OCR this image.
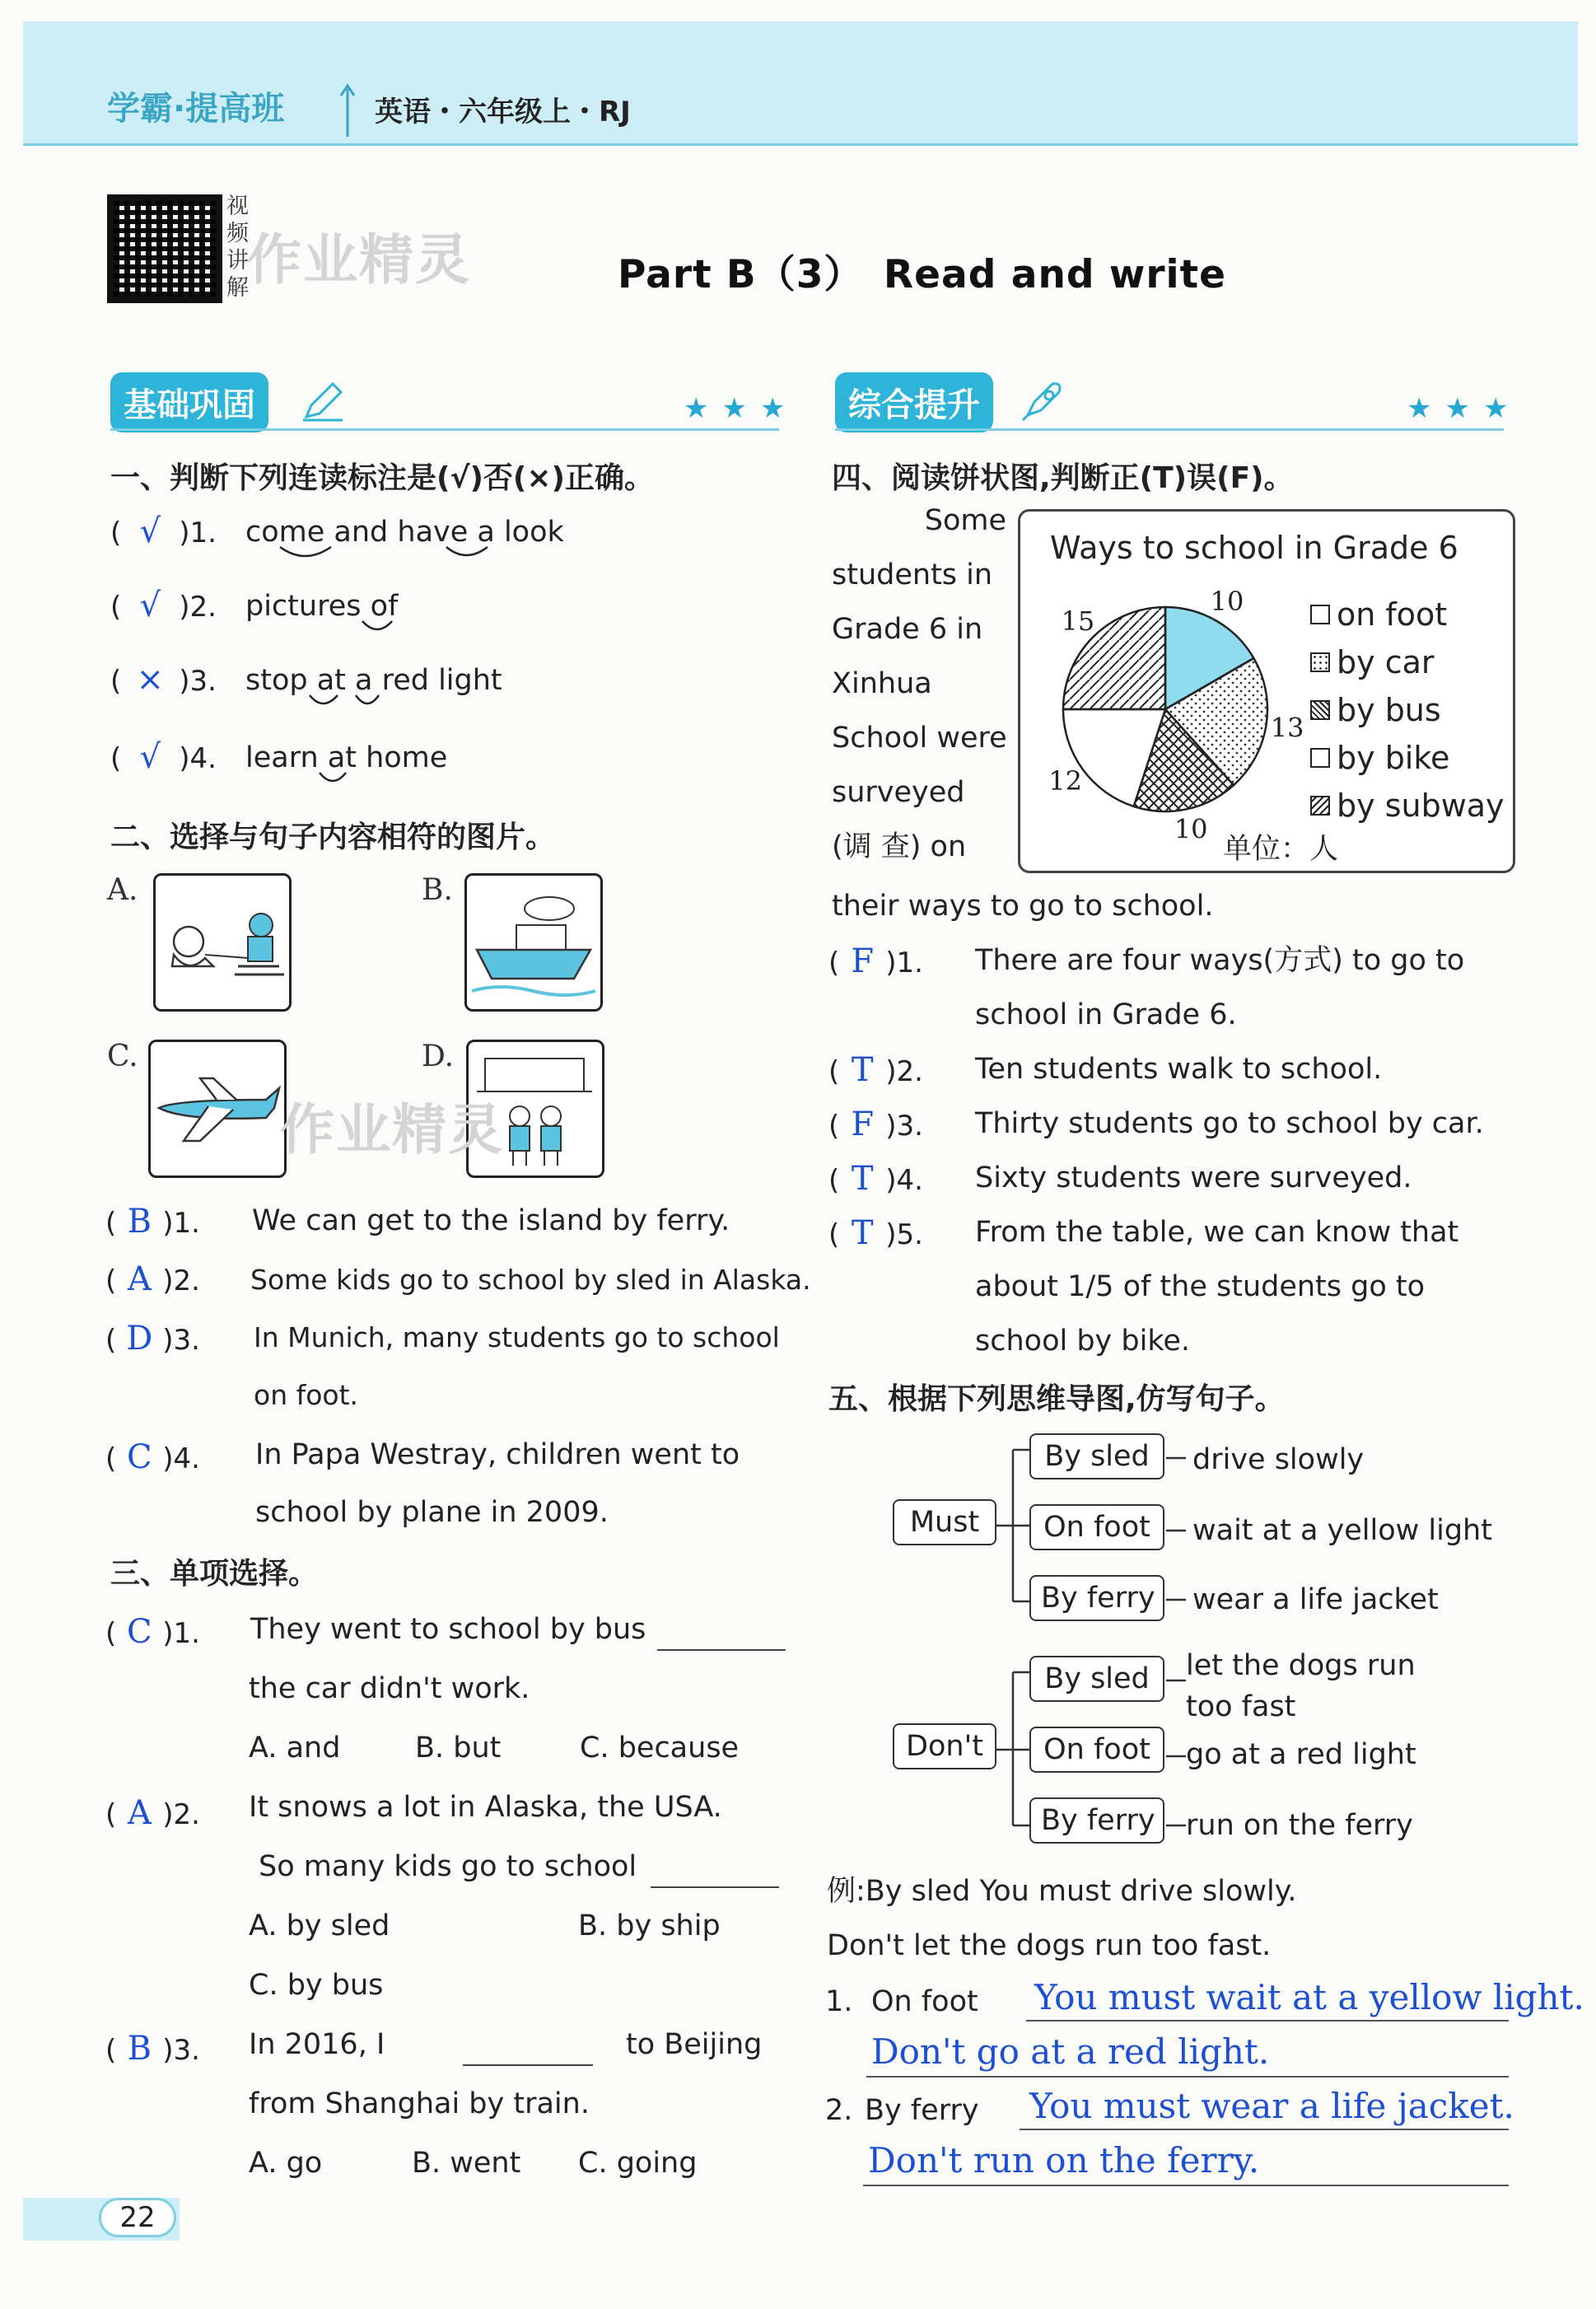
学霸·提高班	英语・六年级上・RJ
视频讲解
作业精灵	Part B（3）　Read and write
基础巩固	★★★
一、判断下列连读标注是(√)否(×)正确。
( √ )1. come and have a look
( √ )2. pictures of
( × )3. stop at a red light
( √ )4. learn at home
二、选择与句子内容相符的图片。
A.	B.
C.	D.
作业精灵
( B )1. We can get to the island by ferry.
( A )2. Some kids go to school by sled in Alaska.
( D )3. In Munich, many students go to school
on foot.
( C )4. In Papa Westray, children went to
school by plane in 2009.
三、单项选择。
( C )1. They went to school by bus
the car didn't work.
A. and	B. but	C. because
( A )2. It snows a lot in Alaska, the USA.
So many kids go to school
A. by sled	B. by ship
C. by bus
( B )3. In 2016, I	to Beijing
from Shanghai by train.
A. go	B. went C. going
综合提升	★★★
四、阅读饼状图,判断正(T)误(F)。
Some
students in
Grade 6 in
Xinhua
School were
surveyed
(调 查) on
Ways to school in Grade 6
10
13
10
12
15	on foot
by car
by bus
by bike
by subway
单位：人
their ways to go to school.
( F )1. There are four ways(方式) to go to
school in Grade 6.
( T )2. Ten students walk to school.
( F )3. Thirty students go to school by car.
( T )4. Sixty students were surveyed.
( T )5. From the table, we can know that
about 1/5 of the students go to
school by bike.
五、根据下列思维导图,仿写句子。
Must
By sled
On foot
By ferry
drive slowly
wait at a yellow light
wear a life jacket
Don't
By sled
On foot
By ferry
let the dogs run
too fast
go at a red light
run on the ferry
例:By sled You must drive slowly.
Don't let the dogs run too fast.
1. On foot You must wait at a yellow light.
Don't go at a red light.
2. By ferry You must wear a life jacket.
Don't run on the ferry.
22
